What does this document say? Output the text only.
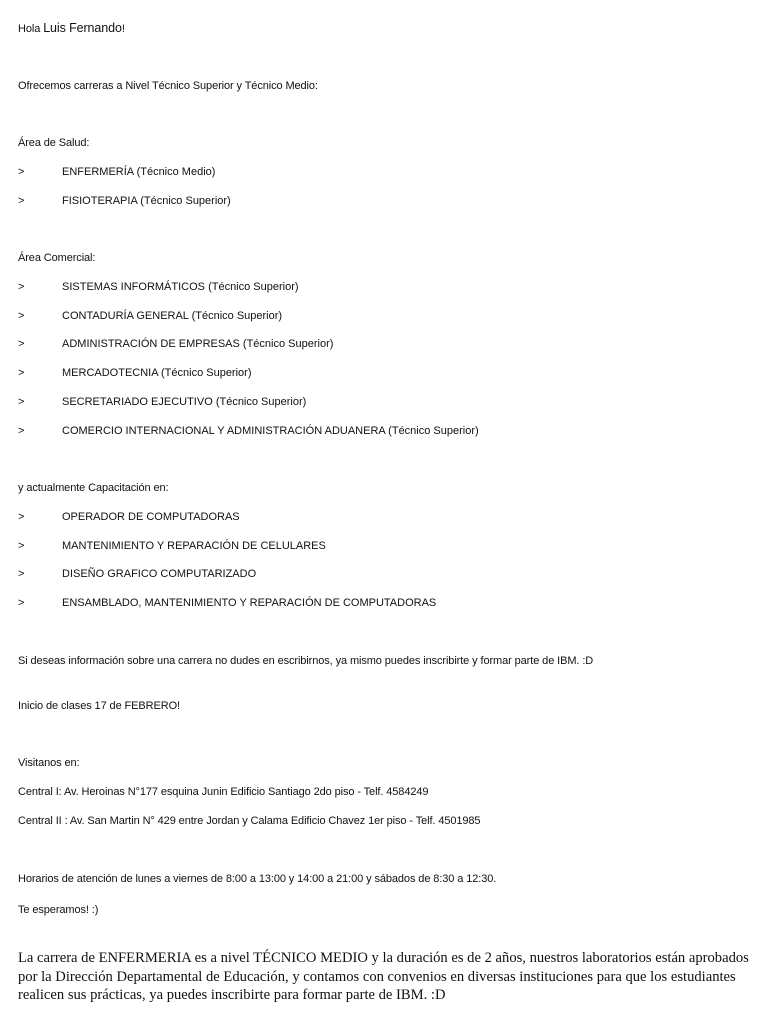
Hola Luis Fernando!
Ofrecemos carreras a Nivel Técnico Superior y Técnico Medio:
Área de Salud:
>	ENFERMERÍA (Técnico Medio)
>	FISIOTERAPIA (Técnico Superior)
Área Comercial:
>	SISTEMAS INFORMÁTICOS (Técnico Superior)
>	CONTADURÍA GENERAL (Técnico Superior)
>	ADMINISTRACIÓN DE EMPRESAS (Técnico Superior)
>	MERCADOTECNIA (Técnico Superior)
>	SECRETARIADO EJECUTIVO (Técnico Superior)
>	COMERCIO INTERNACIONAL Y ADMINISTRACIÓN ADUANERA (Técnico Superior)
y actualmente Capacitación en:
>	OPERADOR DE COMPUTADORAS
>	MANTENIMIENTO Y REPARACIÓN DE CELULARES
>	DISEÑO GRAFICO COMPUTARIZADO
>	ENSAMBLADO, MANTENIMIENTO Y REPARACIÓN DE COMPUTADORAS
Si deseas información sobre una carrera no dudes en escribirnos, ya mismo puedes inscribirte y formar parte de IBM. :D
Inicio de clases 17 de FEBRERO!
Visitanos en:
Central I: Av. Heroinas N°177 esquina Junin Edificio Santiago 2do piso - Telf. 4584249
Central II : Av. San Martin N° 429 entre Jordan y Calama Edificio Chavez 1er piso - Telf. 4501985
Horarios de atención de lunes a viernes de 8:00 a 13:00 y 14:00 a 21:00 y sábados de 8:30 a 12:30.
Te esperamos! :)
La carrera de ENFERMERIA es a nivel TÉCNICO MEDIO y la duración es de 2 años, nuestros laboratorios están aprobados por la Dirección Departamental de Educación, y contamos con convenios en diversas instituciones para que los estudiantes realicen sus prácticas, ya puedes inscribirte para formar parte de IBM. :D
